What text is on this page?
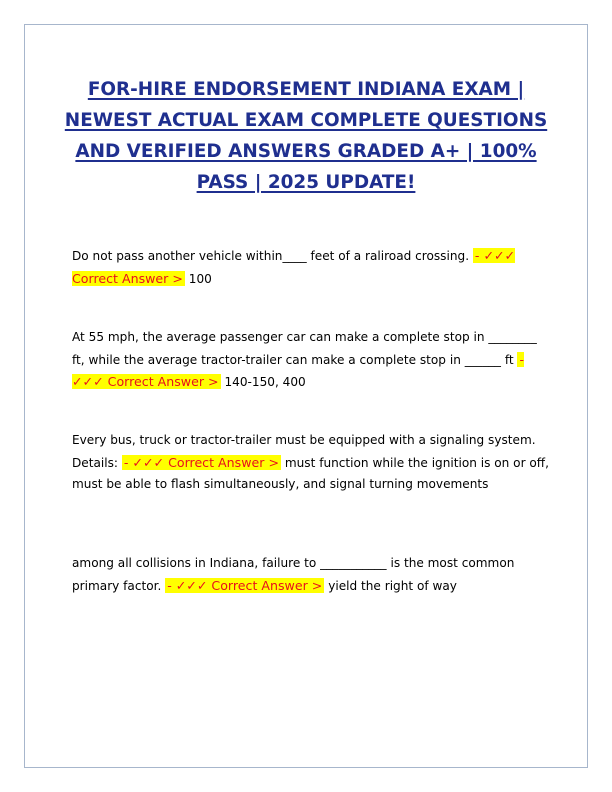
FOR-HIRE ENDORSEMENT INDIANA EXAM | NEWEST ACTUAL EXAM COMPLETE QUESTIONS AND VERIFIED ANSWERS GRADED A+ | 100% PASS | 2025 UPDATE!

Do not pass another vehicle within____ feet of a raliroad crossing. - ✓✓✓ Correct Answer > 100

At 55 mph, the average passenger car can make a complete stop in ________ ft, while the average tractor-trailer can make a complete stop in ______ ft - ✓✓✓ Correct Answer > 140-150, 400

Every bus, truck or tractor-trailer must be equipped with a signaling system. Details: - ✓✓✓ Correct Answer > must function while the ignition is on or off, must be able to flash simultaneously, and signal turning movements

among all collisions in Indiana, failure to ___________ is the most common primary factor. - ✓✓✓ Correct Answer > yield the right of way
